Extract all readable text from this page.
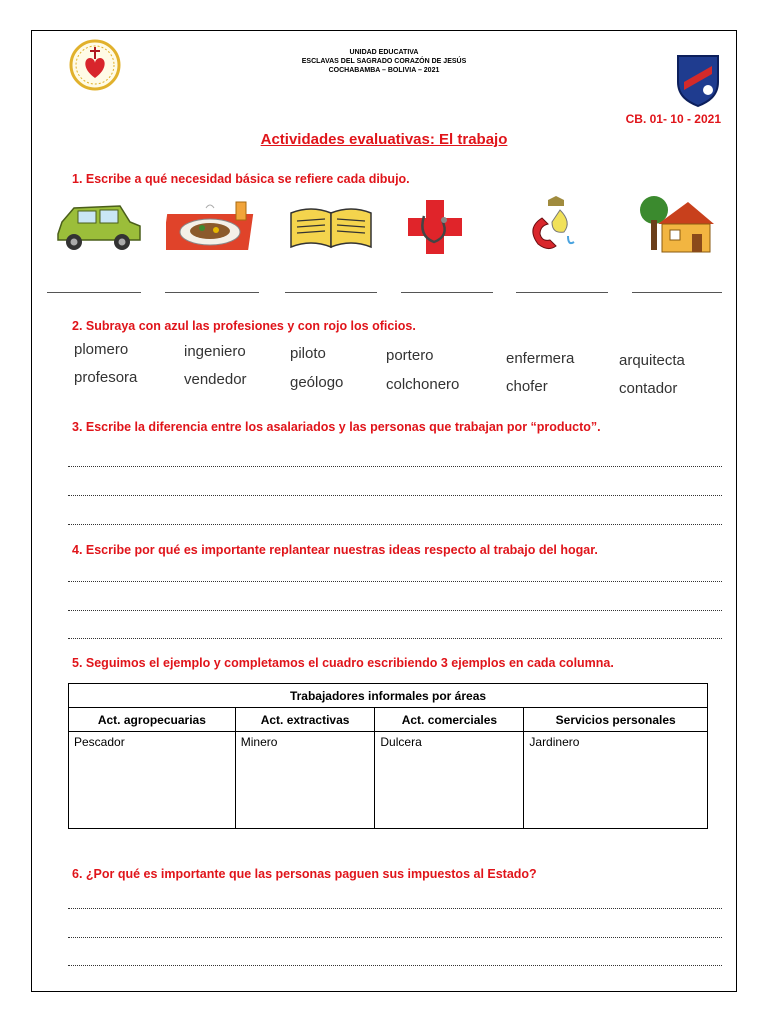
UNIDAD EDUCATIVA
ESCLAVAS DEL SAGRADO CORAZÓN DE JESÚS
COCHABAMBA – BOLIVIA – 2021
CB. 01- 10 - 2021
Actividades evaluativas: El trabajo
1. Escribe a qué necesidad básica se refiere cada dibujo.
2. Subraya con azul las profesiones y con rojo los oficios.
plomero	ingeniero	piloto	portero	enfermera	arquitecta
profesora	vendedor	geólogo	colchonero	chofer	contador
3. Escribe la diferencia entre los asalariados y las personas que trabajan por “producto”.
4. Escribe por qué es importante replantear nuestras ideas respecto al trabajo del hogar.
5. Seguimos el ejemplo y completamos el cuadro escribiendo 3 ejemplos en cada columna.
Trabajadores informales por áreas			
Act. agropecuarias	Act. extractivas	Act. comerciales	Servicios personales
Pescador	Minero	Dulcera	Jardinero
6. ¿Por qué es importante que las personas paguen sus impuestos al Estado?
